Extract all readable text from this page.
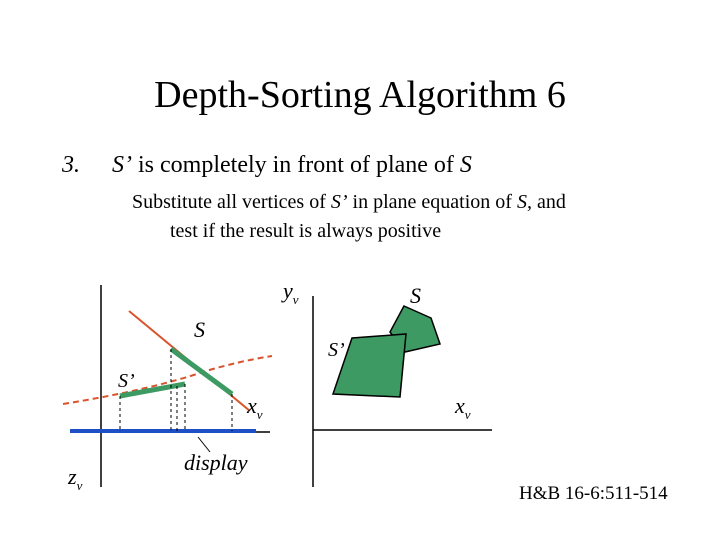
Depth-Sorting Algorithm 6
3. S’ is completely in front of plane of S
Substitute all vertices of S’ in plane equation of S, and
test if the result is always positive
S
S’
$x_v$
$z_v$
display
$y_v$	S
S’
$x_v$
H&B 16-6:511-514
